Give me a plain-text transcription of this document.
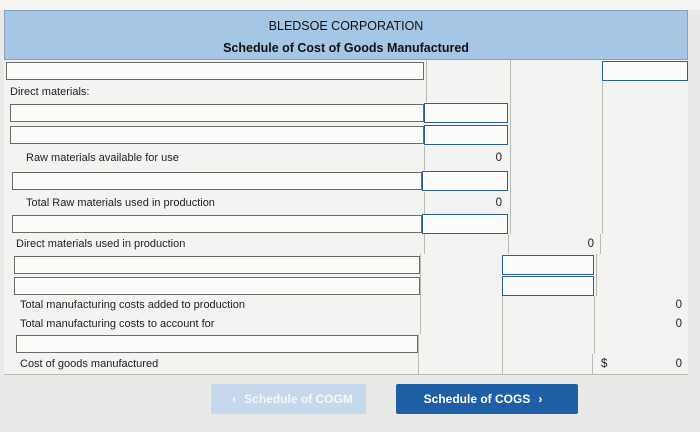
BLEDSOE CORPORATION
Schedule of Cost of Goods Manufactured
Direct materials:
Raw materials available for use	0
Total Raw materials used in production	0
Direct materials used in production	0
Total manufacturing costs added to production	0
Total manufacturing costs to account for	0
Cost of goods manufactured	$	0
‹ Schedule of COGM	Schedule of COGS ›
